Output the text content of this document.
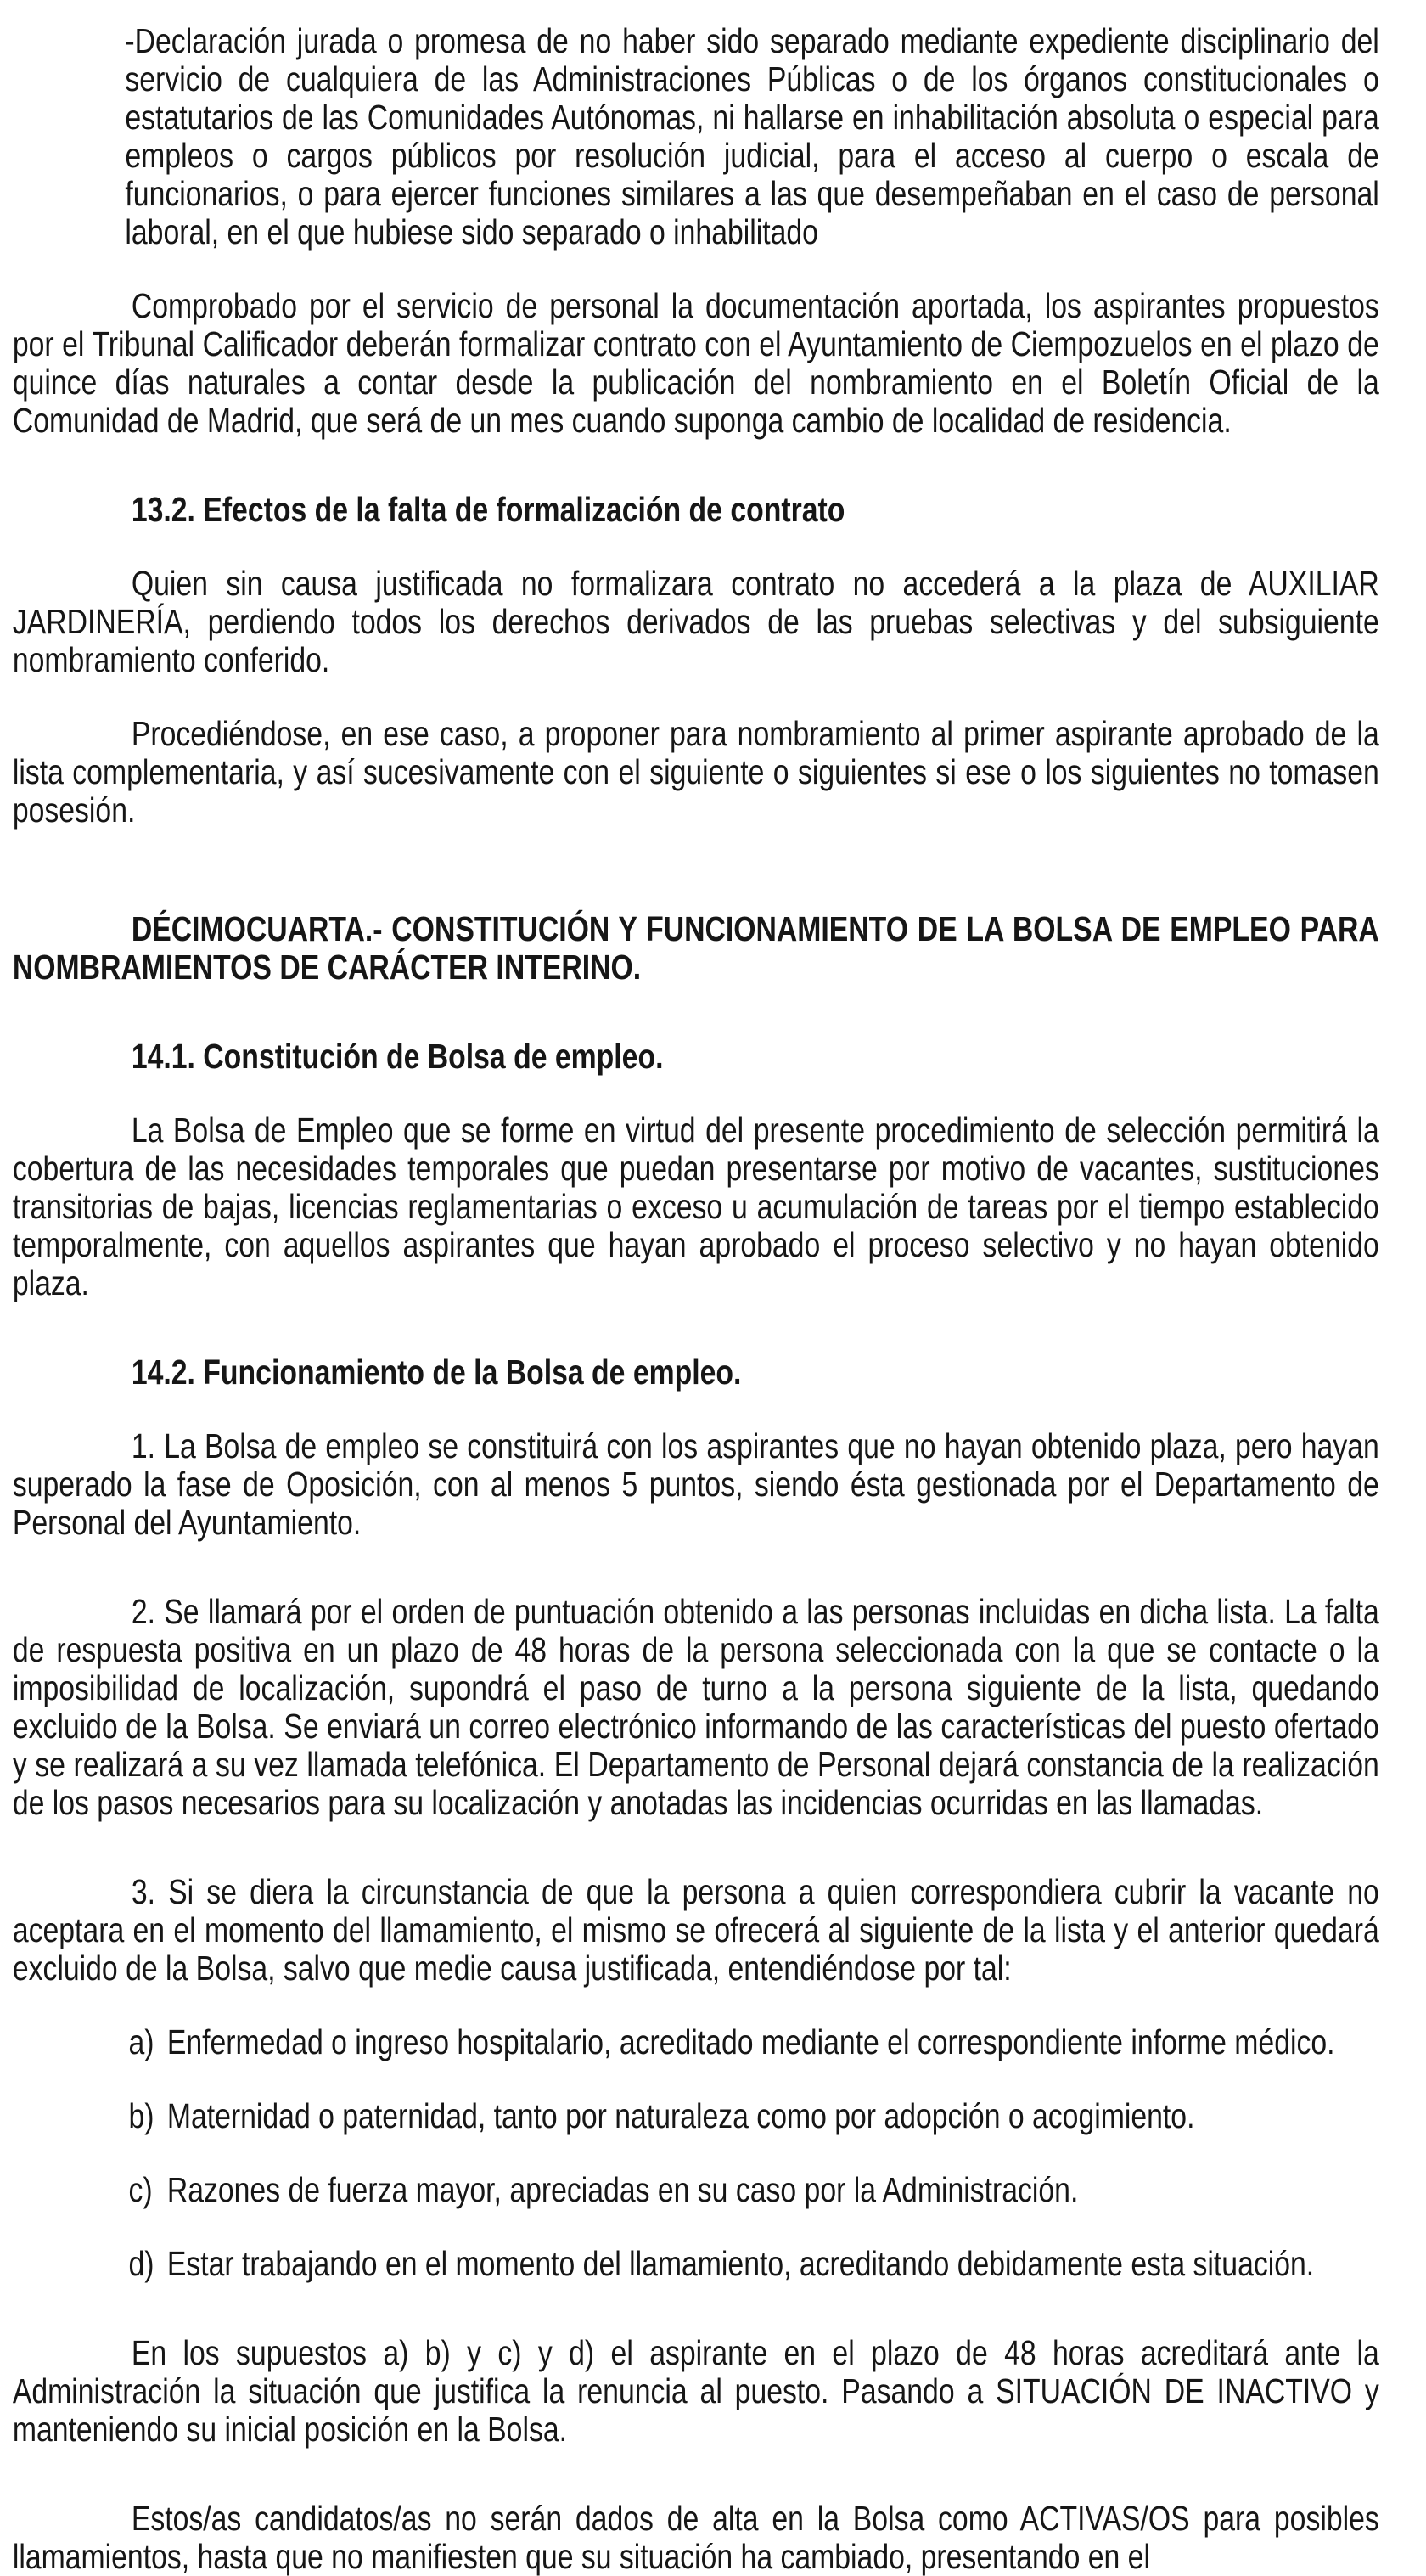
-Declaración jurada o promesa de no haber sido separado mediante expediente disciplinario del servicio de cualquiera de las Administraciones Públicas o de los órganos constitucionales o estatutarios de las Comunidades Autónomas, ni hallarse en inhabilitación absoluta o especial para empleos o cargos públicos por resolución judicial, para el acceso al cuerpo o escala de funcionarios, o para ejercer funciones similares a las que desempeñaban en el caso de personal laboral, en el que hubiese sido separado o inhabilitado

Comprobado por el servicio de personal la documentación aportada, los aspirantes propuestos por el Tribunal Calificador deberán formalizar contrato con el Ayuntamiento de Ciempozuelos en el plazo de quince días naturales a contar desde la publicación del nombramiento en el Boletín Oficial de la Comunidad de Madrid, que será de un mes cuando suponga cambio de localidad de residencia.

13.2. Efectos de la falta de formalización de contrato

Quien sin causa justificada no formalizara contrato no accederá a la plaza de AUXILIAR JARDINERÍA, perdiendo todos los derechos derivados de las pruebas selectivas y del subsiguiente nombramiento conferido.

Procediéndose, en ese caso, a proponer para nombramiento al primer aspirante aprobado de la lista complementaria, y así sucesivamente con el siguiente o siguientes si ese o los siguientes no tomasen posesión.

DÉCIMOCUARTA.- CONSTITUCIÓN Y FUNCIONAMIENTO DE LA BOLSA DE EMPLEO PARA NOMBRAMIENTOS DE CARÁCTER INTERINO.

14.1. Constitución de Bolsa de empleo.

La Bolsa de Empleo que se forme en virtud del presente procedimiento de selección permitirá la cobertura de las necesidades temporales que puedan presentarse por motivo de vacantes, sustituciones transitorias de bajas, licencias reglamentarias o exceso u acumulación de tareas por el tiempo establecido temporalmente, con aquellos aspirantes que hayan aprobado el proceso selectivo y no hayan obtenido plaza.

14.2. Funcionamiento de la Bolsa de empleo.

1. La Bolsa de empleo se constituirá con los aspirantes que no hayan obtenido plaza, pero hayan superado la fase de Oposición, con al menos 5 puntos, siendo ésta gestionada por el Departamento de Personal del Ayuntamiento.

2. Se llamará por el orden de puntuación obtenido a las personas incluidas en dicha lista. La falta de respuesta positiva en un plazo de 48 horas de la persona seleccionada con la que se contacte o la imposibilidad de localización, supondrá el paso de turno a la persona siguiente de la lista, quedando excluido de la Bolsa. Se enviará un correo electrónico informando de las características del puesto ofertado y se realizará a su vez llamada telefónica. El Departamento de Personal dejará constancia de la realización de los pasos necesarios para su localización y anotadas las incidencias ocurridas en las llamadas.

3. Si se diera la circunstancia de que la persona a quien correspondiera cubrir la vacante no aceptara en el momento del llamamiento, el mismo se ofrecerá al siguiente de la lista y el anterior quedará excluido de la Bolsa, salvo que medie causa justificada, entendiéndose por tal:

a) Enfermedad o ingreso hospitalario, acreditado mediante el correspondiente informe médico.
b) Maternidad o paternidad, tanto por naturaleza como por adopción o acogimiento.
c) Razones de fuerza mayor, apreciadas en su caso por la Administración.
d) Estar trabajando en el momento del llamamiento, acreditando debidamente esta situación.

En los supuestos a) b) y c) y d) el aspirante en el plazo de 48 horas acreditará ante la Administración la situación que justifica la renuncia al puesto. Pasando a SITUACIÓN DE INACTIVO y manteniendo su inicial posición en la Bolsa.

Estos/as candidatos/as no serán dados de alta en la Bolsa como ACTIVAS/OS para posibles llamamientos, hasta que no manifiesten que su situación ha cambiado, presentando en el
